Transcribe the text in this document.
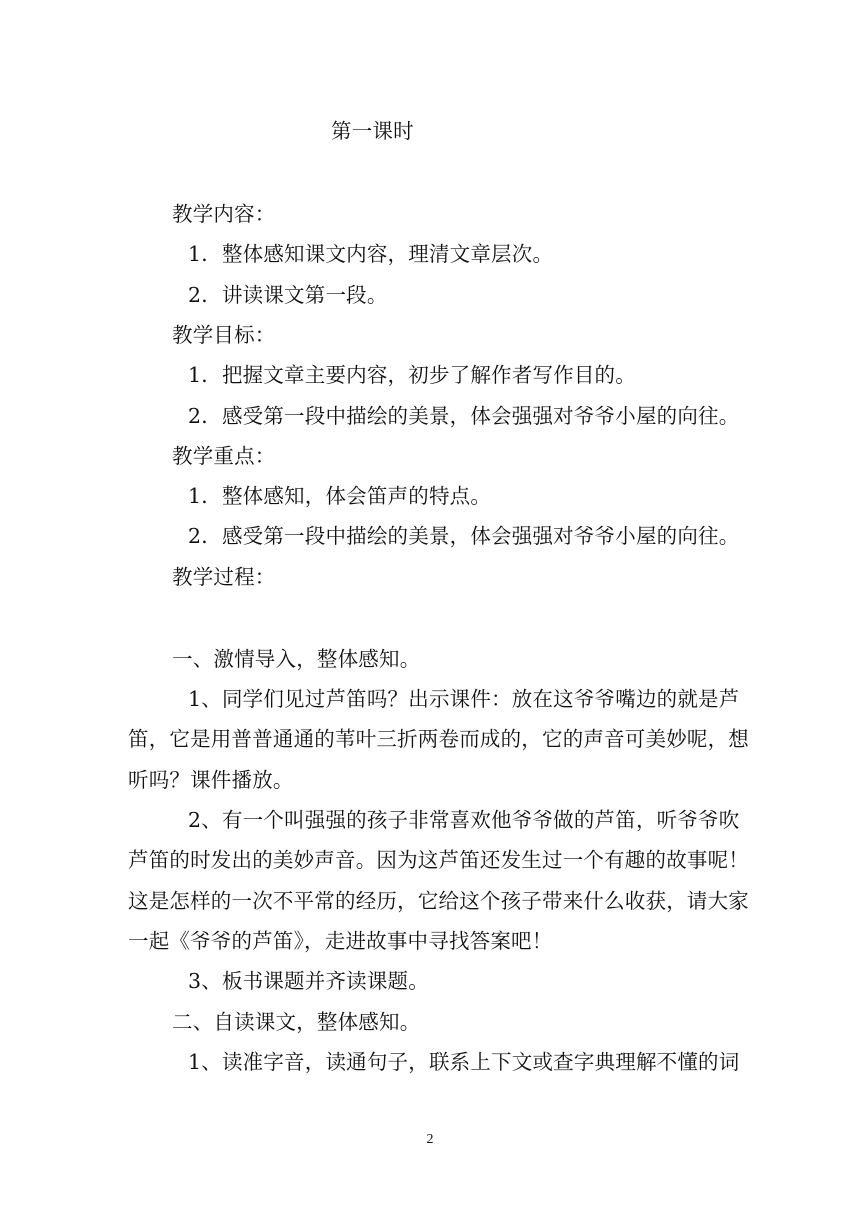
第一课时
教学内容：
1．整体感知课文内容，理清文章层次。
2．讲读课文第一段。
教学目标：
1．把握文章主要内容，初步了解作者写作目的。
2．感受第一段中描绘的美景，体会强强对爷爷小屋的向往。
教学重点：
1．整体感知，体会笛声的特点。
2．感受第一段中描绘的美景，体会强强对爷爷小屋的向往。
教学过程：
一、激情导入，整体感知。
1、同学们见过芦笛吗？出示课件：放在这爷爷嘴边的就是芦
笛，它是用普普通通的苇叶三折两卷而成的，它的声音可美妙呢，想
听吗？课件播放。
2、有一个叫强强的孩子非常喜欢他爷爷做的芦笛，听爷爷吹
芦笛的时发出的美妙声音。因为这芦笛还发生过一个有趣的故事呢！
这是怎样的一次不平常的经历，它给这个孩子带来什么收获，请大家
一起《爷爷的芦笛》，走进故事中寻找答案吧！
3、板书课题并齐读课题。
二、自读课文，整体感知。
1、读准字音，读通句子，联系上下文或查字典理解不懂的词
2
